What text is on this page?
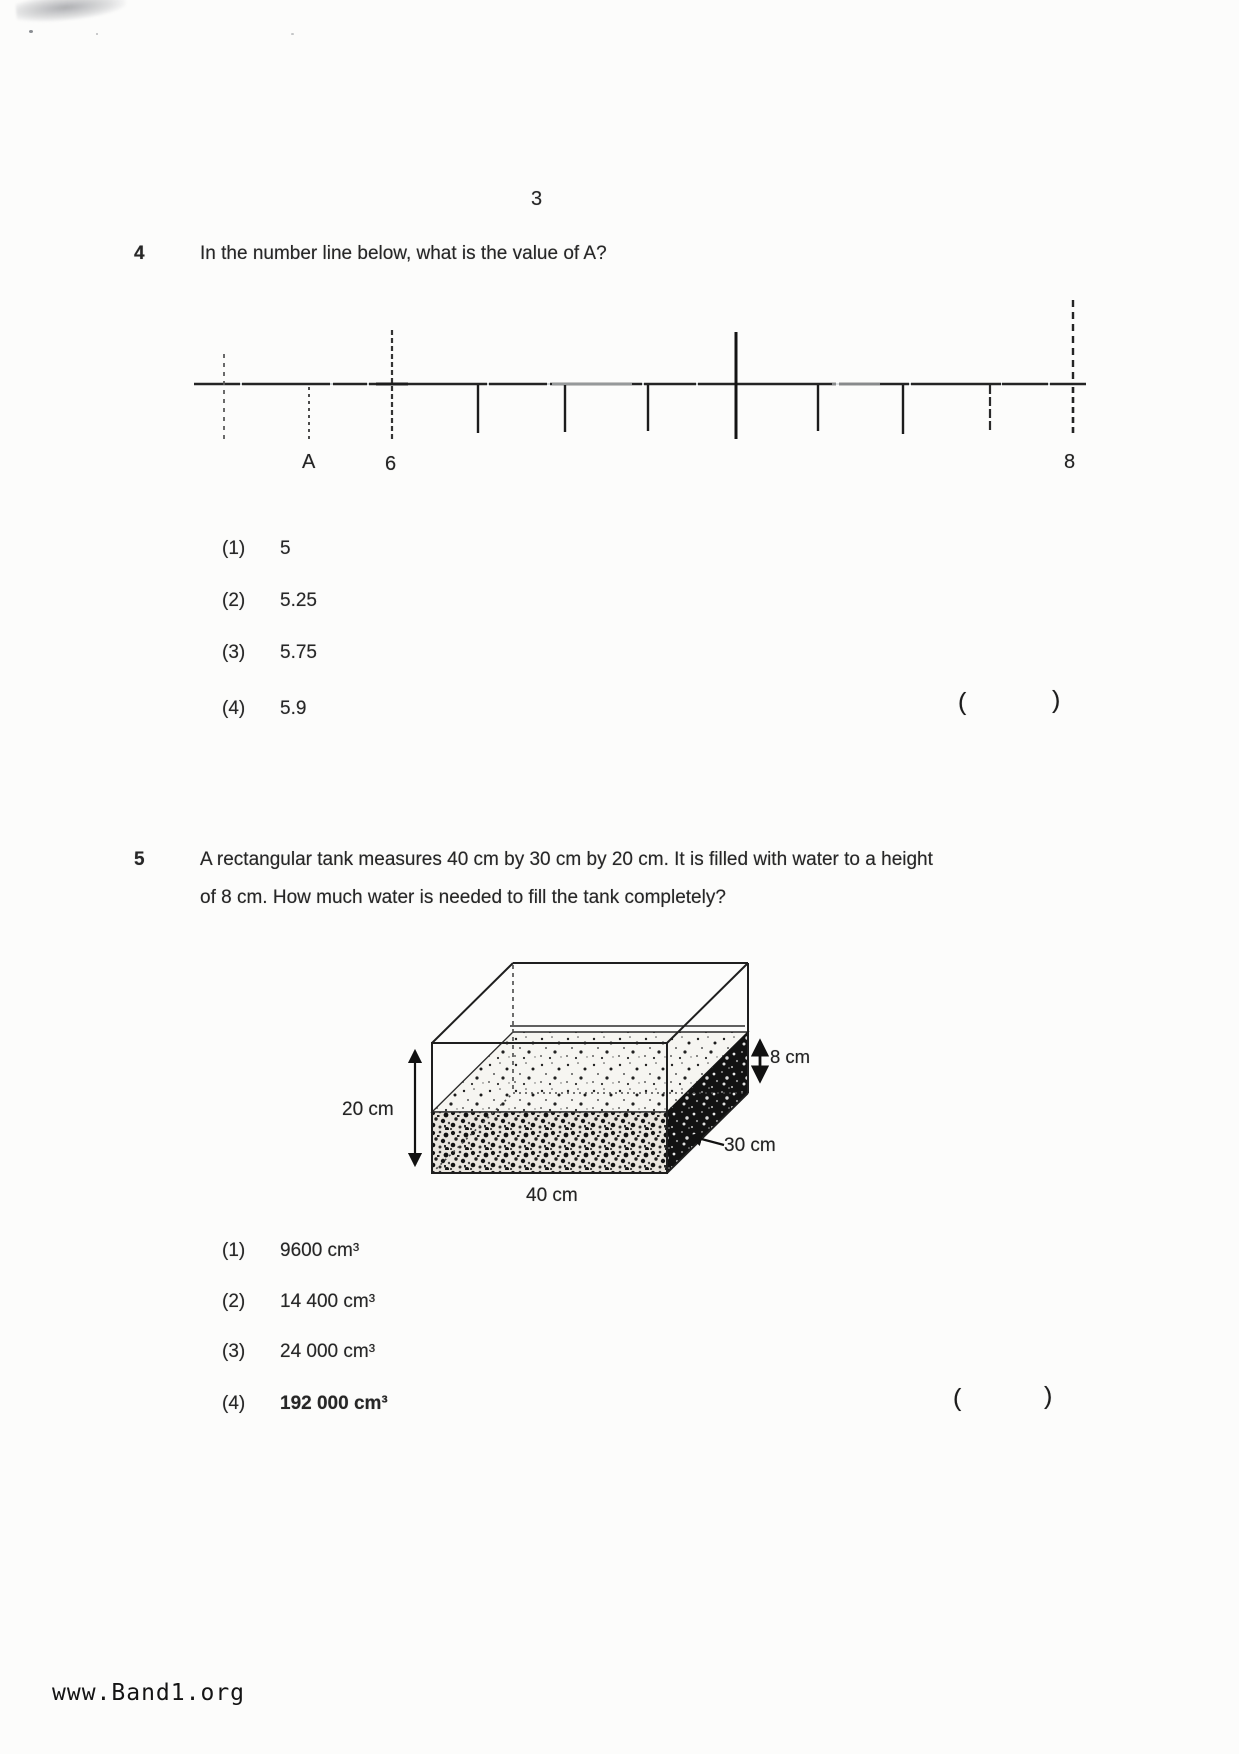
3
4	In the number line below, what is the value of A?
A	6	8
(1) 5
(2) 5.25
(3) 5.75
(4) 5.9	(	)
5	A rectangular tank measures 40 cm by 30 cm by 20 cm. It is filled with water to a height
of 8 cm. How much water is needed to fill the tank completely?
20 cm
8 cm
30 cm
40 cm
(1) 9600 cm³
(2) 14 400 cm³
(3) 24 000 cm³
(4) 192 000 cm³	(	)
www.Band1.org
